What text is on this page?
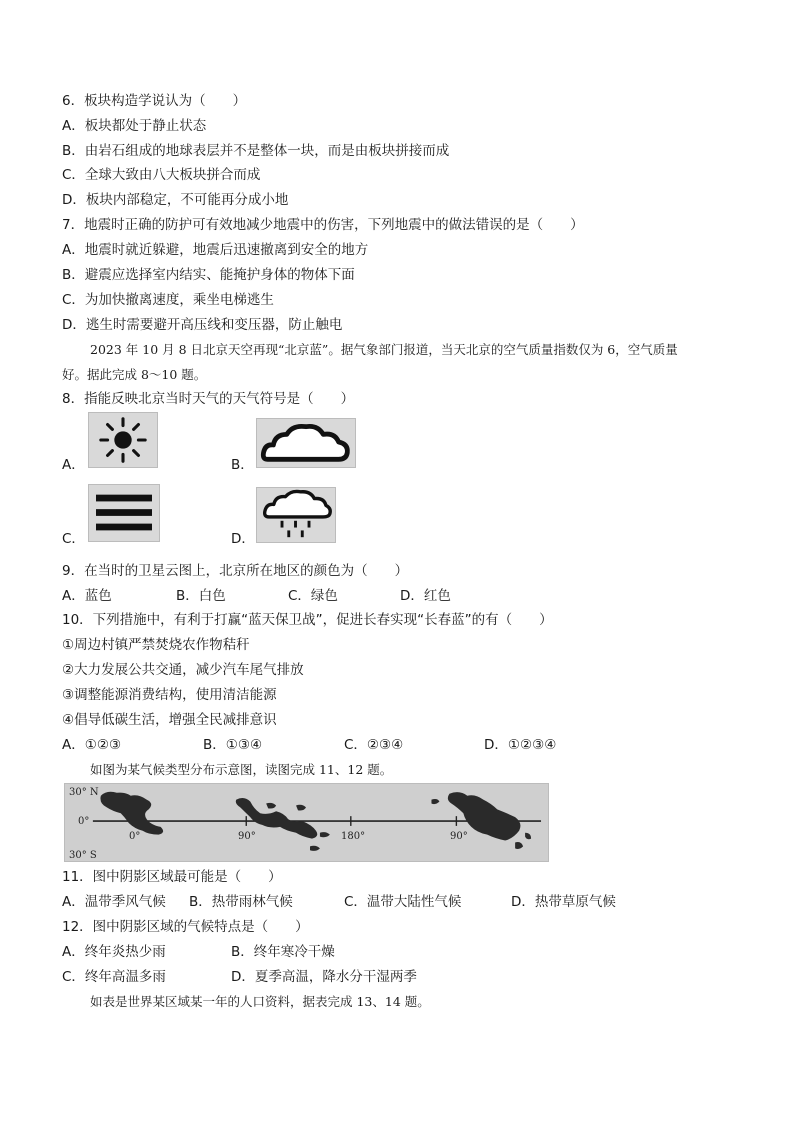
6．板块构造学说认为（　　）
A．板块都处于静止状态
B．由岩石组成的地球表层并不是整体一块，而是由板块拼接而成
C．全球大致由八大板块拼合而成
D．板块内部稳定，不可能再分成小地
7．地震时正确的防护可有效地减少地震中的伤害，下列地震中的做法错误的是（　　）
A．地震时就近躲避，地震后迅速撤离到安全的地方
B．避震应选择室内结实、能掩护身体的物体下面
C．为加快撤离速度，乘坐电梯逃生
D．逃生时需要避开高压线和变压器，防止触电
2023 年 10 月 8 日北京天空再现“北京蓝”。据气象部门报道，当天北京的空气质量指数仅为 6，空气质量
好。据此完成 8～10 题。
8．指能反映北京当时天气的天气符号是（　　）
A．	B．
C．	D．
9．在当时的卫星云图上，北京所在地区的颜色为（　　）
A．蓝色	B．白色	C．绿色	D．红色
10．下列措施中，有利于打赢“蓝天保卫战”，促进长春实现“长春蓝”的有（　　）
①周边村镇严禁焚烧农作物秸秆
②大力发展公共交通，减少汽车尾气排放
③调整能源消费结构，使用清洁能源
④倡导低碳生活，增强全民减排意识
A．①②③	B．①③④	C．②③④	D．①②③④
如图为某气候类型分布示意图，读图完成 11、12 题。
30° N
0°
30° S
0°	90°	180°	90°
11．图中阴影区域最可能是（　　）
A．温带季风气候 B．热带雨林气候	C．温带大陆性气候	D．热带草原气候
12．图中阴影区域的气候特点是（　　）
A．终年炎热少雨	B．终年寒冷干燥
C．终年高温多雨	D．夏季高温，降水分干湿两季
如表是世界某区域某一年的人口资料，据表完成 13、14 题。
